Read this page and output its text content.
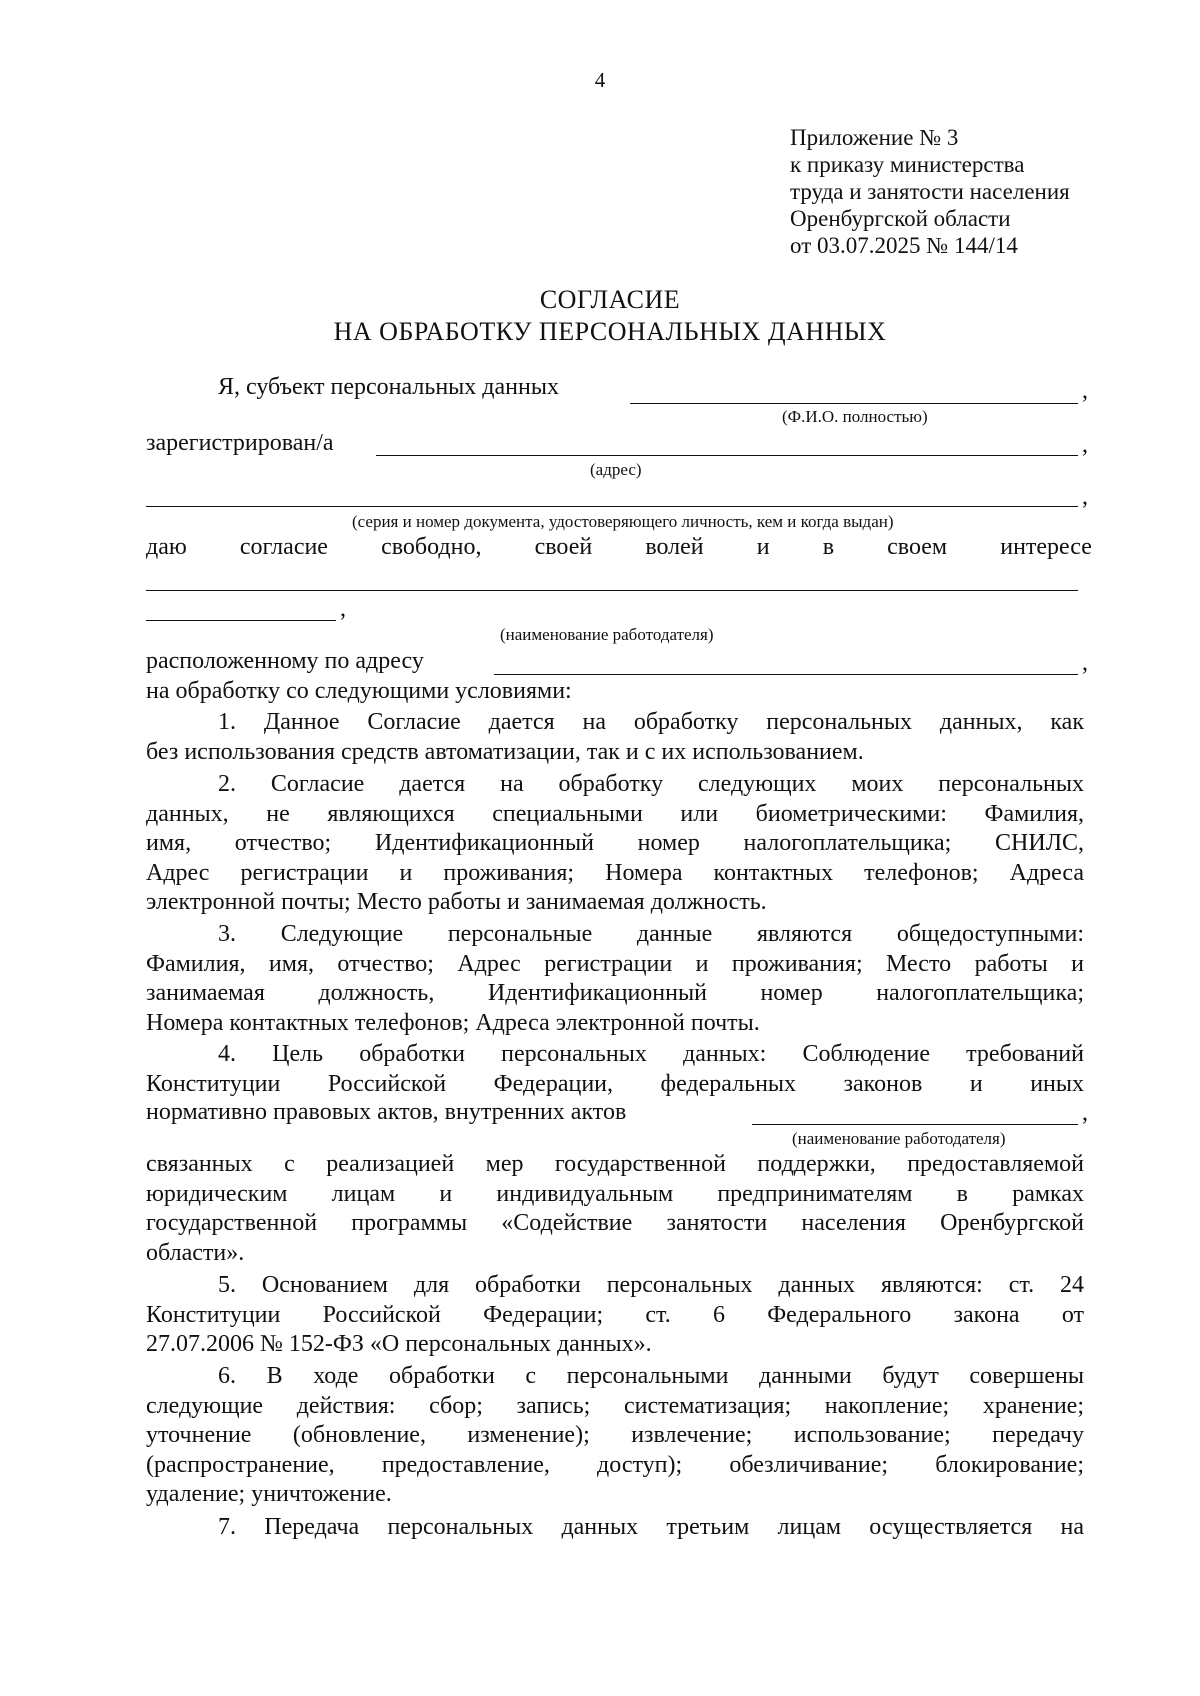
4
Приложение № 3
к приказу министерства
труда и занятости населения
Оренбургской области
от 03.07.2025 № 144/14
СОГЛАСИЕ
НА ОБРАБОТКУ ПЕРСОНАЛЬНЫХ ДАННЫХ
Я, субъект персональных данных	,
(Ф.И.О. полностью)
зарегистрирован/а	,
(адрес)
,
(серия и номер документа, удостоверяющего личность, кем и когда выдан)
даю согласие свободно, своей волей и в своем интересе
,
(наименование работодателя)
расположенному по адресу	,
на обработку со следующими условиями:
1. Данное Согласие дается на обработку персональных данных, как
без использования средств автоматизации, так и с их использованием.
2. Согласие дается на обработку следующих моих персональных
данных, не являющихся специальными или биометрическими: Фамилия,
имя, отчество; Идентификационный номер налогоплательщика; СНИЛС,
Адрес регистрации и проживания; Номера контактных телефонов; Адреса
электронной почты; Место работы и занимаемая должность.
3. Следующие персональные данные являются общедоступными:
Фамилия, имя, отчество; Адрес регистрации и проживания; Место работы и
занимаемая должность, Идентификационный номер налогоплательщика;
Номера контактных телефонов; Адреса электронной почты.
4. Цель обработки персональных данных: Соблюдение требований
Конституции Российской Федерации, федеральных законов и иных
нормативно правовых актов, внутренних актов	,
(наименование работодателя)
связанных с реализацией мер государственной поддержки, предоставляемой
юридическим лицам и индивидуальным предпринимателям в рамках
государственной программы «Содействие занятости населения Оренбургской
области».
5. Основанием для обработки персональных данных являются: ст. 24
Конституции Российской Федерации; ст. 6 Федерального закона от
27.07.2006 № 152-ФЗ «О персональных данных».
6. В ходе обработки с персональными данными будут совершены
следующие действия: сбор; запись; систематизация; накопление; хранение;
уточнение (обновление, изменение); извлечение; использование; передачу
(распространение, предоставление, доступ); обезличивание; блокирование;
удаление; уничтожение.
7. Передача персональных данных третьим лицам осуществляется на
